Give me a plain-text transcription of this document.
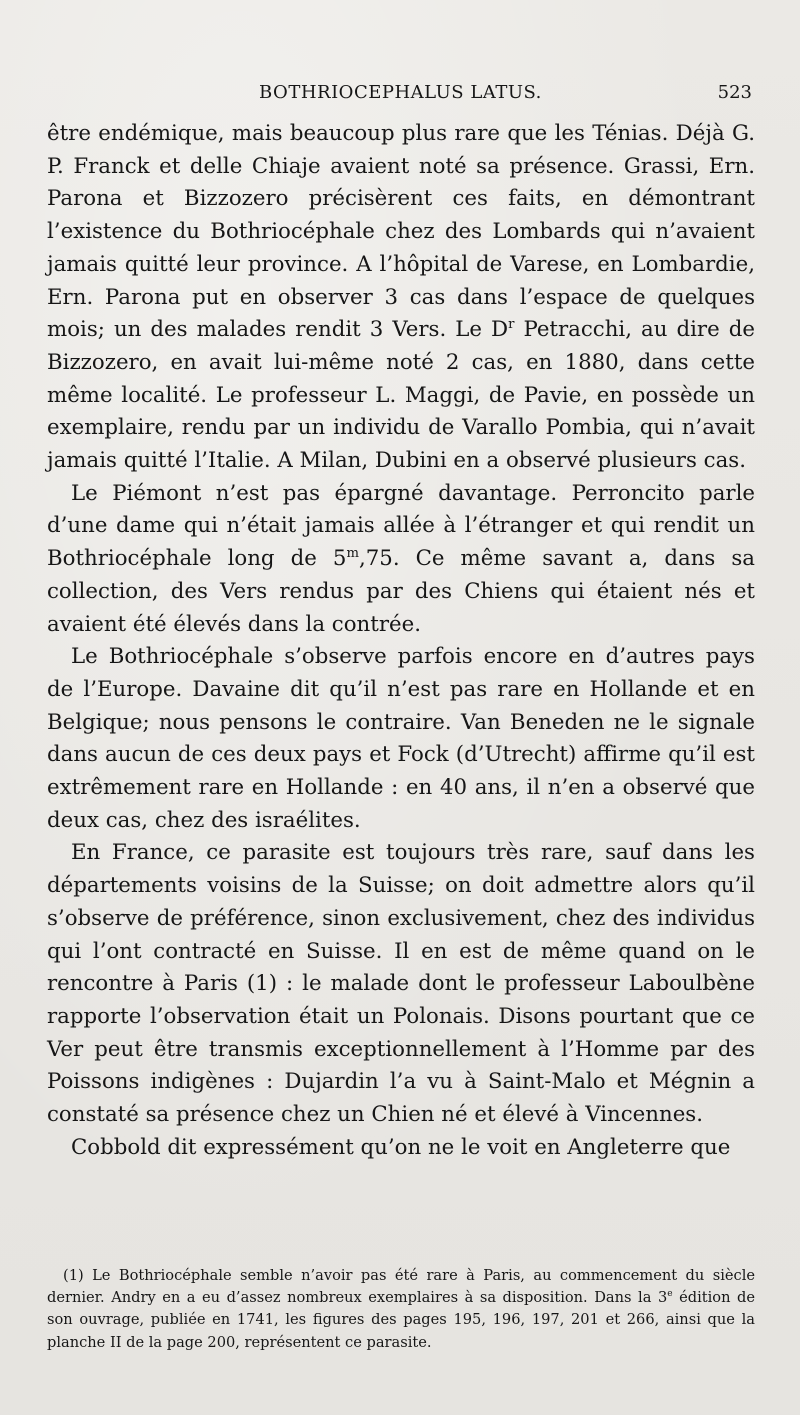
BOTHRIOCEPHALUS LATUS.	523

être endémique, mais beaucoup plus rare que les Ténias. Déjà G. P. Franck et delle Chiaje avaient noté sa présence. Grassi, Ern. Parona et Bizzozero précisèrent ces faits, en démontrant l’existence du Bothriocéphale chez des Lombards qui n’avaient jamais quitté leur province. A l’hôpital de Varese, en Lombardie, Ern. Parona put en observer 3 cas dans l’espace de quelques mois; un des malades rendit 3 Vers. Le $D^r$ Petracchi, au dire de Bizzozero, en avait lui-même noté 2 cas, en 1880, dans cette même localité. Le professeur L. Maggi, de Pavie, en possède un exemplaire, rendu par un individu de Varallo Pombia, qui n’avait jamais quitté l’Italie. A Milan, Dubini en a observé plusieurs cas.

Le Piémont n’est pas épargné davantage. Perroncito parle d’une dame qui n’était jamais allée à l’étranger et qui rendit un Bothriocéphale long de 5$^m$,75. Ce même savant a, dans sa collection, des Vers rendus par des Chiens qui étaient nés et avaient été élevés dans la contrée.

Le Bothriocéphale s’observe parfois encore en d’autres pays de l’Europe. Davaine dit qu’il n’est pas rare en Hollande et en Belgique; nous pensons le contraire. Van Beneden ne le signale dans aucun de ces deux pays et Fock (d’Utrecht) affirme qu’il est extrêmement rare en Hollande : en 40 ans, il n’en a observé que deux cas, chez des israélites.

En France, ce parasite est toujours très rare, sauf dans les départements voisins de la Suisse; on doit admettre alors qu’il s’observe de préférence, sinon exclusivement, chez des individus qui l’ont contracté en Suisse. Il en est de même quand on le rencontre à Paris (1) : le malade dont le professeur Laboulbène rapporte l’observation était un Polonais. Disons pourtant que ce Ver peut être transmis exceptionnellement à l’Homme par des Poissons indigènes : Dujardin l’a vu à Saint-Malo et Mégnin a constaté sa présence chez un Chien né et élevé à Vincennes.

Cobbold dit expressément qu’on ne le voit en Angleterre que

(1) Le Bothriocéphale semble n’avoir pas été rare à Paris, au commencement du siècle dernier. Andry en a eu d’assez nombreux exemplaires à sa disposition. Dans la 3e édition de son ouvrage, publiée en 1741, les figures des pages 195, 196, 197, 201 et 266, ainsi que la planche II de la page 200, représentent ce parasite.
